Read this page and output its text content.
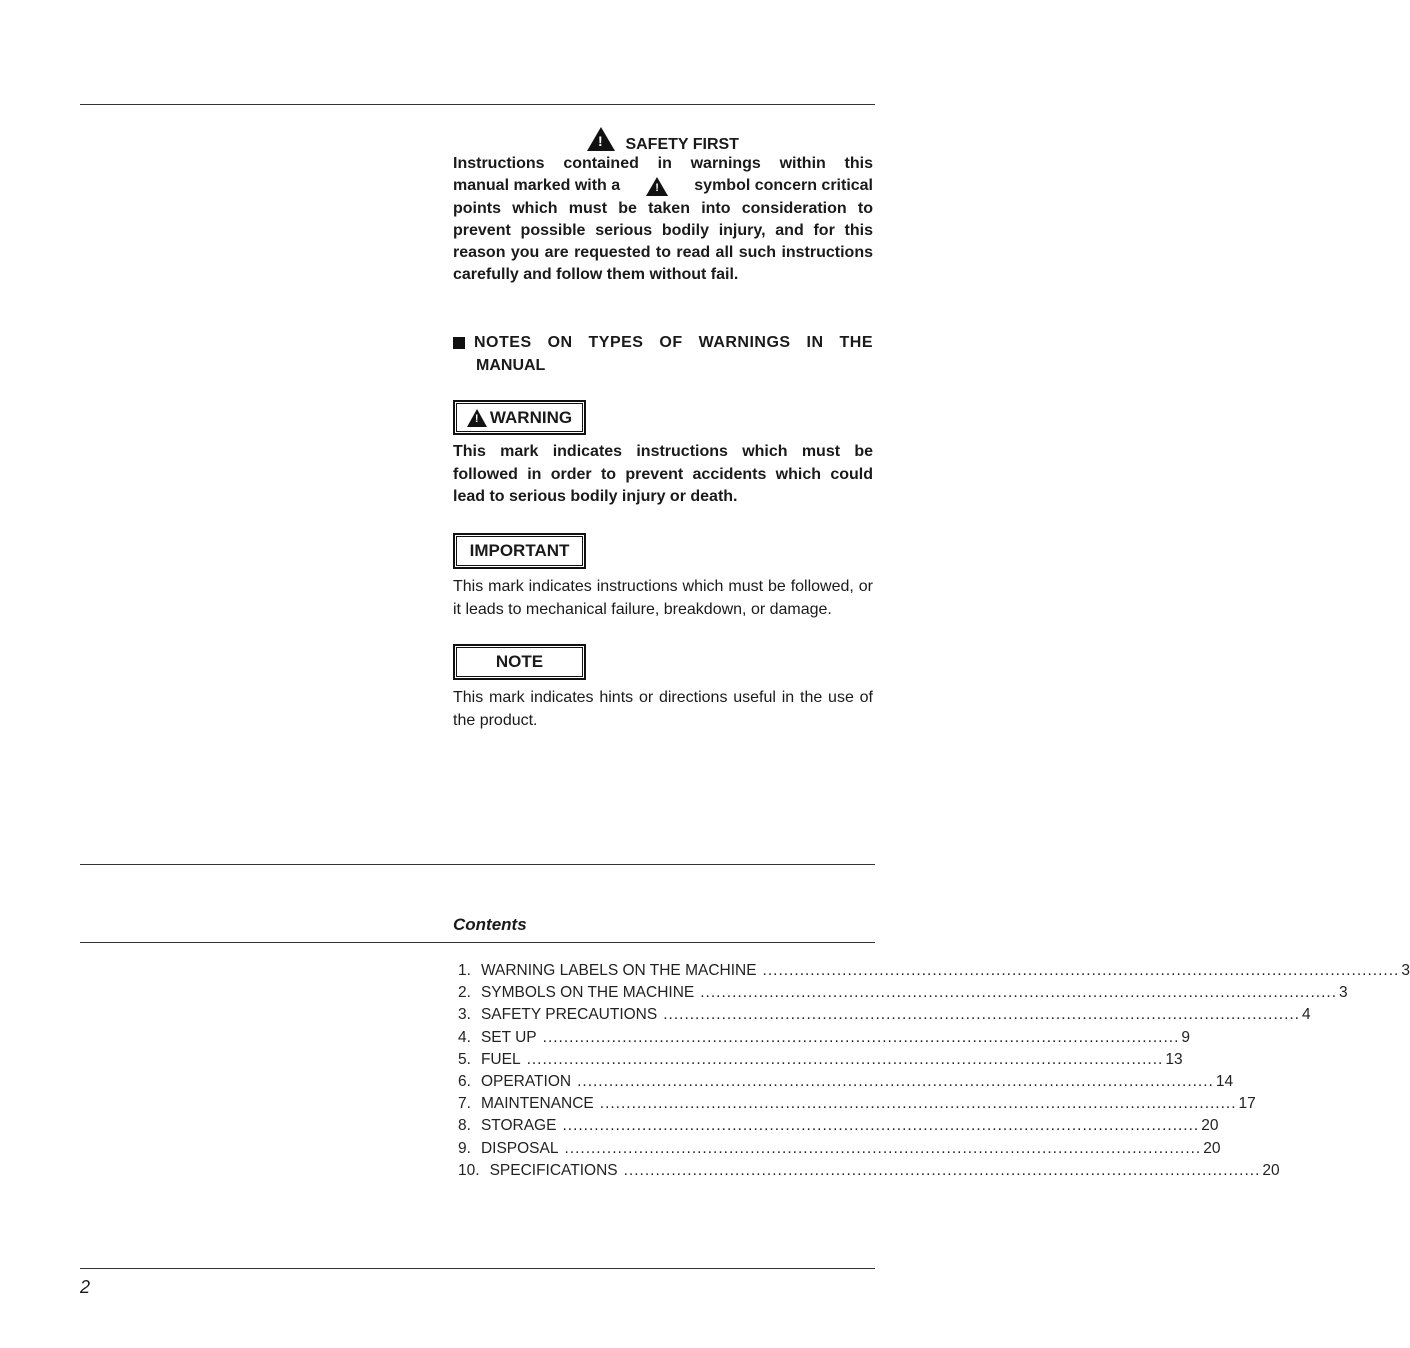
! SAFETY FIRST
Instructions contained in warnings within this
manual marked with a !	symbol concern critical
points which must be taken into consideration to prevent possible serious bodily injury, and for this reason you are requested to read all such instructions carefully and follow them without fail.
NOTES ON TYPES OF WARNINGS IN THE
MANUAL
!
WARNING
This mark indicates instructions which must be followed in order to prevent accidents which could lead to serious bodily injury or death.
IMPORTANT
This mark indicates instructions which must be followed, or it leads to mechanical failure, breakdown, or damage.
NOTE
This mark indicates hints or directions useful in the use of the product.
Contents
1. WARNING LABELS ON THE MACHINE ........................................................................................................................ 3
2. SYMBOLS ON THE MACHINE ........................................................................................................................ 3
3. SAFETY PRECAUTIONS ........................................................................................................................ 4
4. SET UP ........................................................................................................................ 9
5. FUEL ........................................................................................................................ 13
6. OPERATION ........................................................................................................................ 14
7. MAINTENANCE ........................................................................................................................ 17
8. STORAGE ........................................................................................................................ 20
9. DISPOSAL ........................................................................................................................ 20
10. SPECIFICATIONS ........................................................................................................................ 20
2
